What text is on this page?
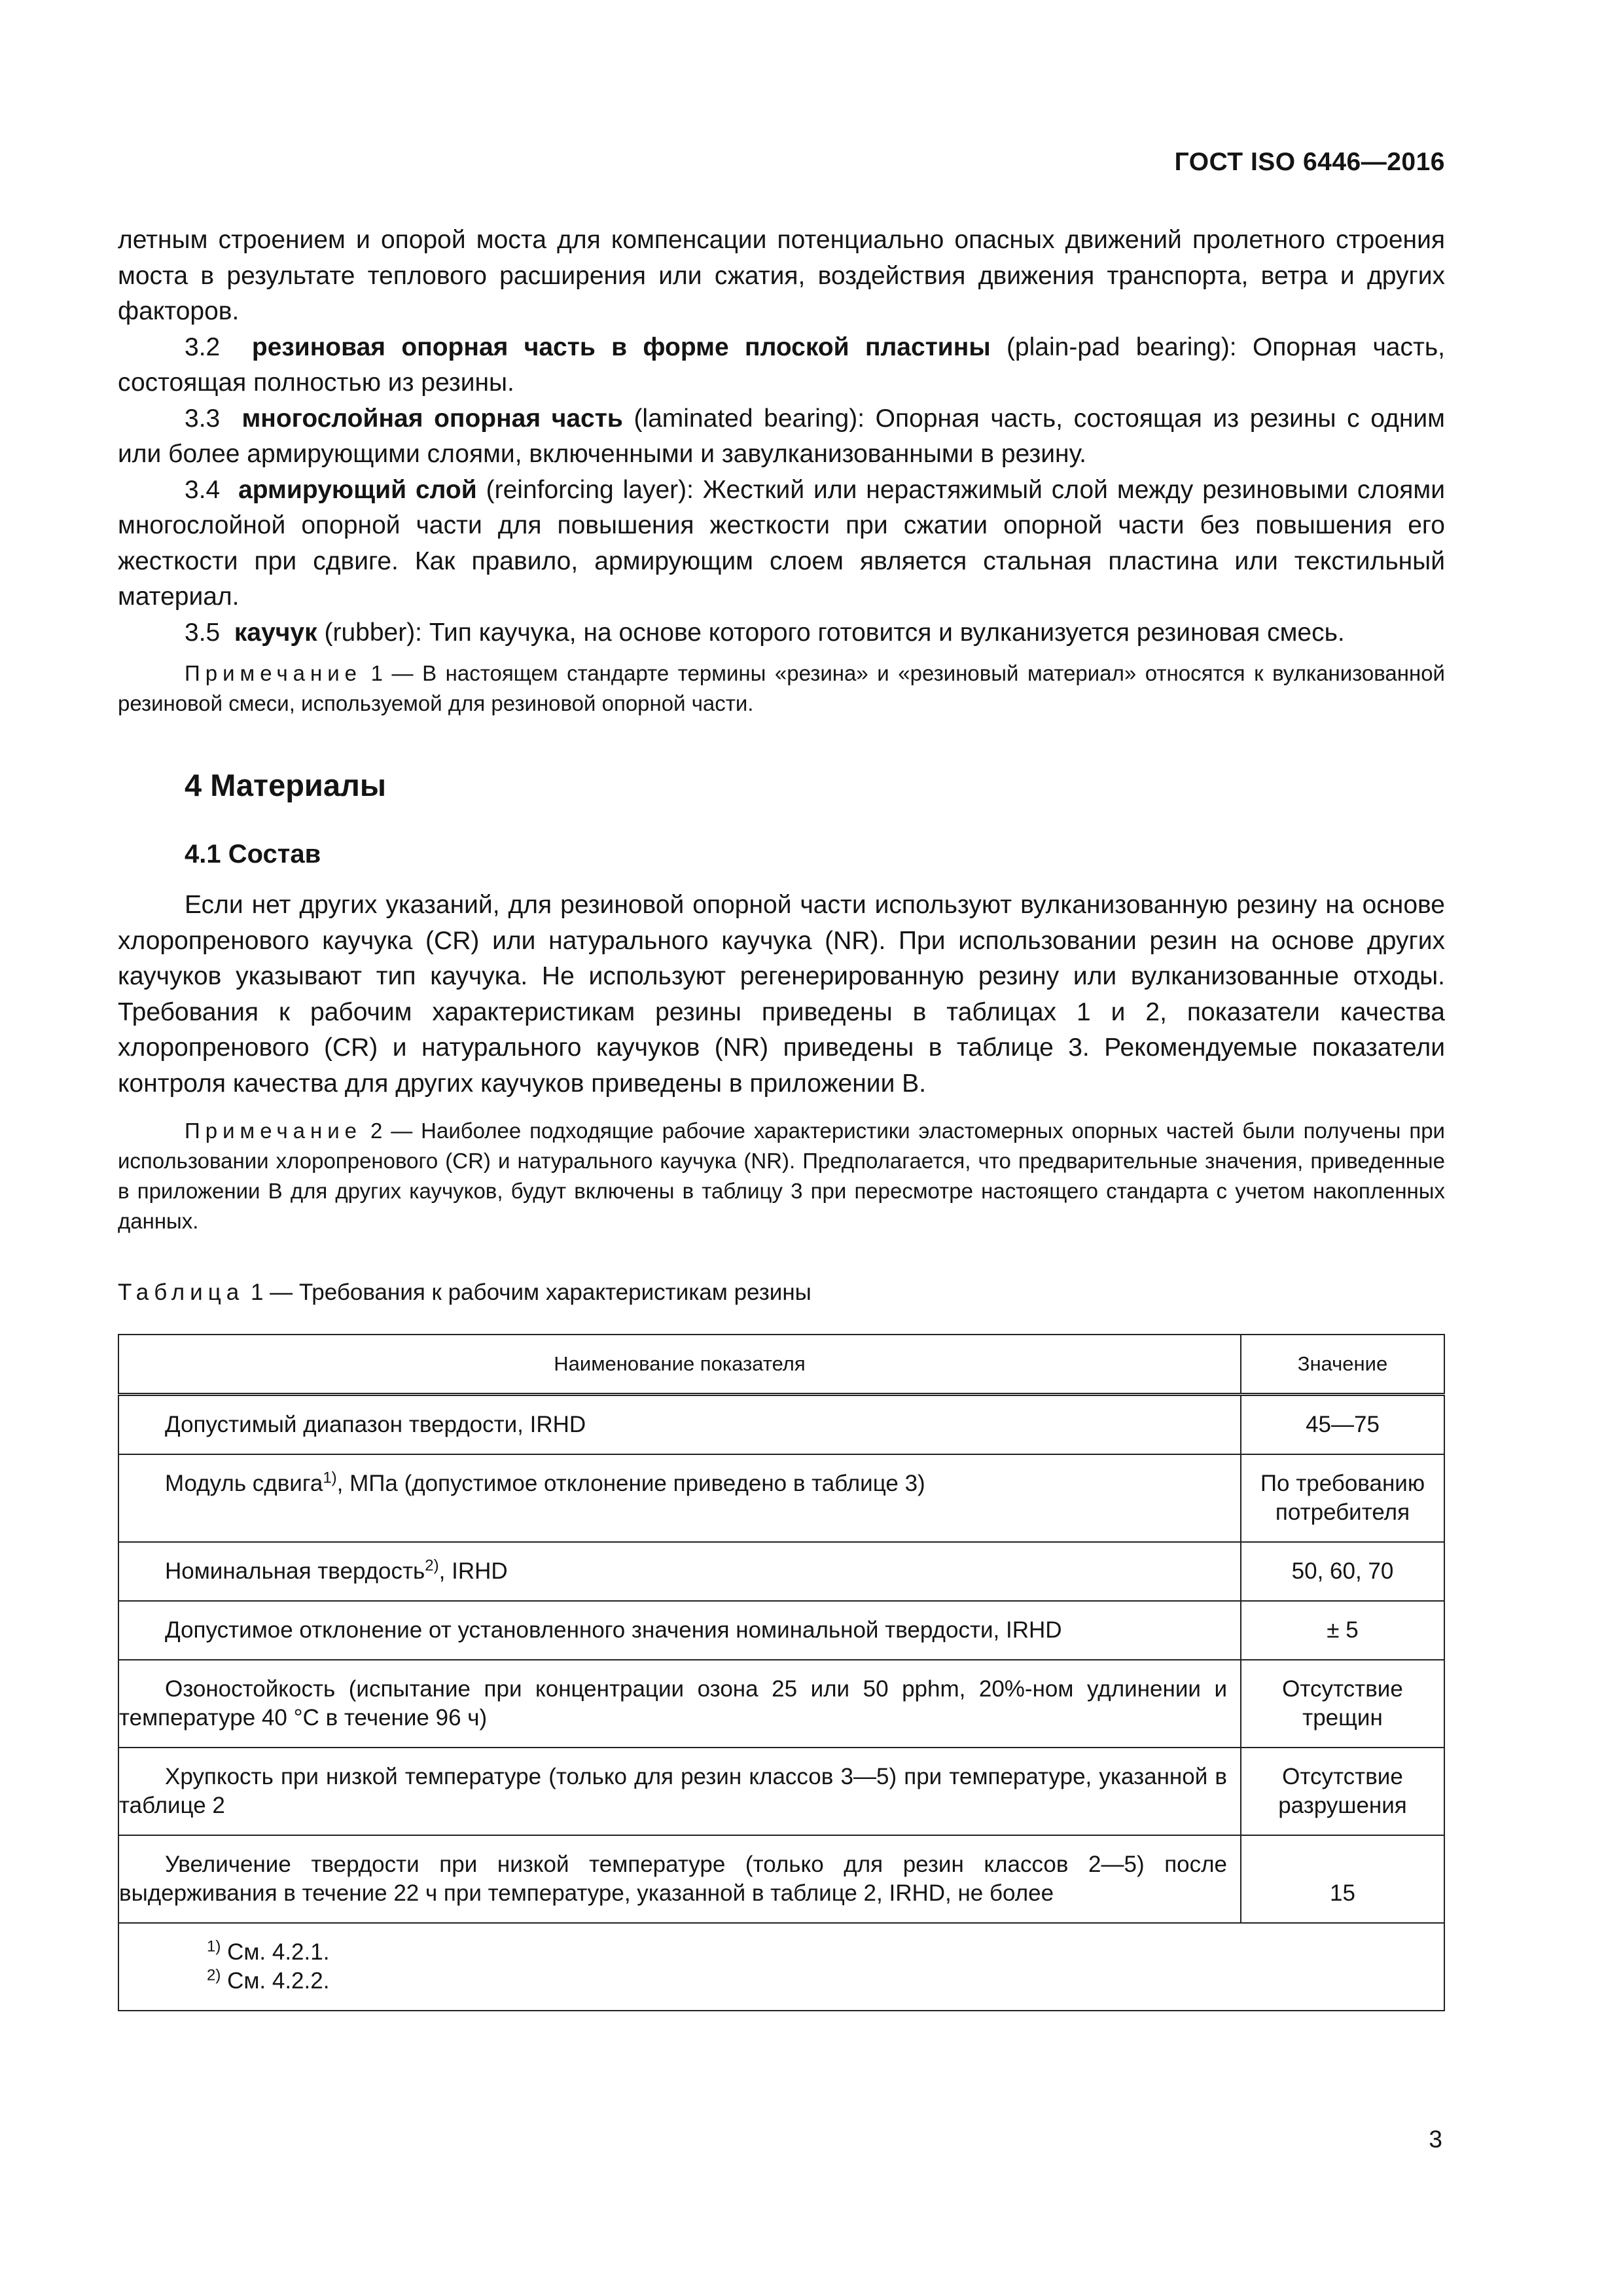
ГОСТ ISO 6446—2016

летным строением и опорой моста для компенсации потенциально опасных движений пролетного строения моста в результате теплового расширения или сжатия, воздействия движения транспорта, ветра и других факторов.

3.2 резиновая опорная часть в форме плоской пластины (plain-pad bearing): Опорная часть, состоящая полностью из резины.

3.3 многослойная опорная часть (laminated bearing): Опорная часть, состоящая из резины с одним или более армирующими слоями, включенными и завулканизованными в резину.

3.4 армирующий слой (reinforcing layer): Жесткий или нерастяжимый слой между резиновыми слоями многослойной опорной части для повышения жесткости при сжатии опорной части без повышения его жесткости при сдвиге. Как правило, армирующим слоем является стальная пластина или текстильный материал.

3.5 каучук (rubber): Тип каучука, на основе которого готовится и вулканизуется резиновая смесь.

Примечание 1 — В настоящем стандарте термины «резина» и «резиновый материал» относятся к вулканизованной резиновой смеси, используемой для резиновой опорной части.

4 Материалы
4.1 Состав

Если нет других указаний, для резиновой опорной части используют вулканизованную резину на основе хлоропренового каучука (CR) или натурального каучука (NR). При использовании резин на основе других каучуков указывают тип каучука. Не используют регенерированную резину или вулканизованные отходы. Требования к рабочим характеристикам резины приведены в таблицах 1 и 2, показатели качества хлоропренового (CR) и натурального каучуков (NR) приведены в таблице 3. Рекомендуемые показатели контроля качества для других каучуков приведены в приложении В.

Примечание 2 — Наиболее подходящие рабочие характеристики эластомерных опорных частей были получены при использовании хлоропренового (CR) и натурального каучука (NR). Предполагается, что предварительные значения, приведенные в приложении В для других каучуков, будут включены в таблицу 3 при пересмотре настоящего стандарта с учетом накопленных данных.

Таблица 1 — Требования к рабочим характеристикам резины
Наименование показателя	Значение

Допустимый диапазон твердости, IRHD	45—75

Модуль сдвига$^{1)}$, МПа (допустимое отклонение приведено в таблице 3)	По требованию потребителя

Номинальная твердость$^{2)}$, IRHD	50, 60, 70

Допустимое отклонение от установленного значения номинальной твердости, IRHD	± 5

Озоностойкость (испытание при концентрации озона 25 или 50 pphm, 20%-ном удлинении и температуре 40 °С в течение 96 ч)	Отсутствие трещин

Хрупкость при низкой температуре (только для резин классов 3—5) при температуре, указанной в таблице 2	Отсутствие разрушения

Увеличение твердости при низкой температуре (только для резин классов 2—5) после выдерживания в течение 22 ч при температуре, указанной в таблице 2, IRHD, не более	15

$^{1)}$ См. 4.2.1.
$^{2)}$ См. 4.2.2.	
3
